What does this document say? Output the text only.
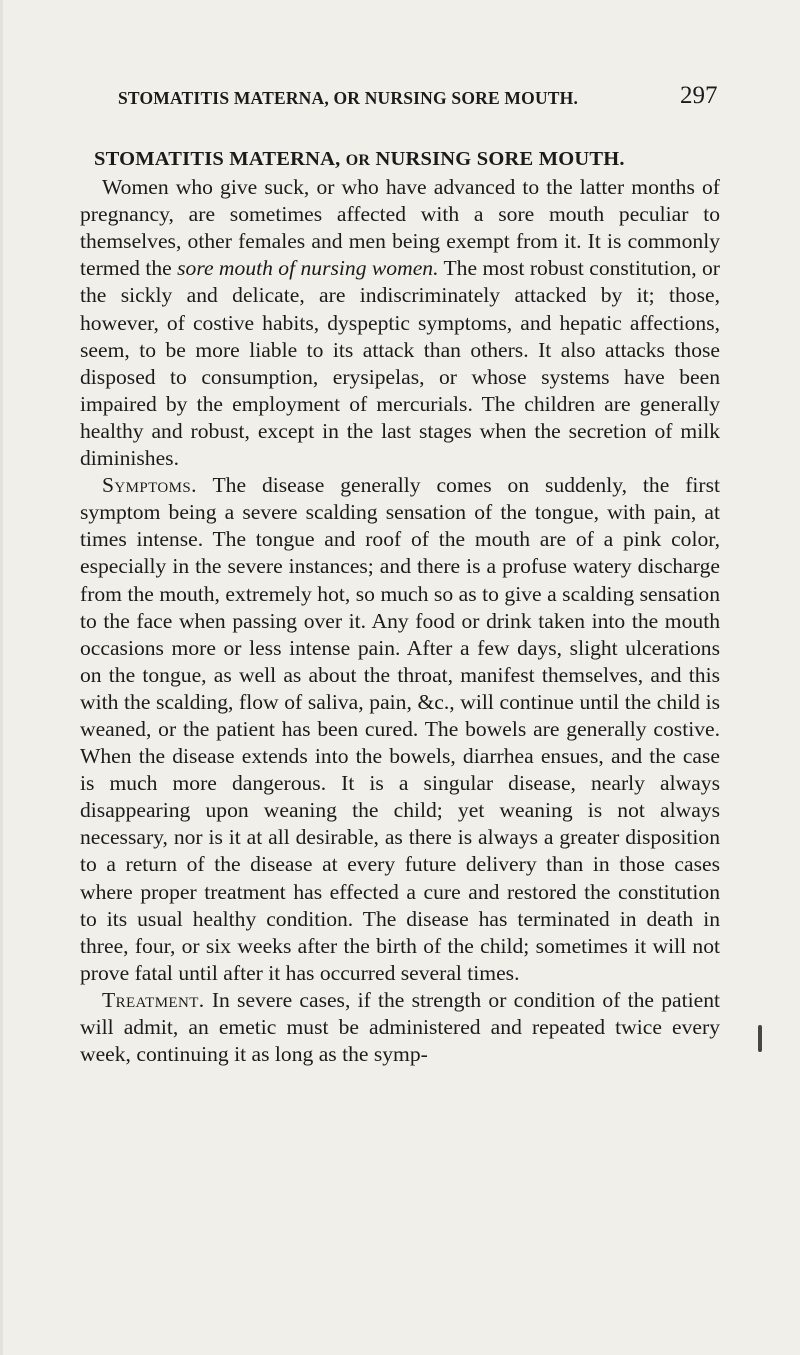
STOMATITIS MATERNA, OR NURSING SORE MOUTH.	297
STOMATITIS MATERNA, OR NURSING SORE MOUTH.

Women who give suck, or who have advanced to the latter months of pregnancy, are sometimes affected with a sore mouth peculiar to themselves, other females and men being exempt from it. It is commonly termed the sore mouth of nursing women. The most robust constitution, or the sickly and delicate, are indiscriminately attacked by it; those, however, of costive habits, dyspeptic symptoms, and hepatic affections, seem, to be more liable to its attack than others. It also attacks those disposed to consumption, erysipelas, or whose systems have been impaired by the employment of mercurials. The children are generally healthy and robust, except in the last stages when the secretion of milk diminishes.

Symptoms. The disease generally comes on suddenly, the first symptom being a severe scalding sensation of the tongue, with pain, at times intense. The tongue and roof of the mouth are of a pink color, especially in the severe instances; and there is a profuse watery discharge from the mouth, extremely hot, so much so as to give a scalding sensation to the face when passing over it. Any food or drink taken into the mouth occasions more or less intense pain. After a few days, slight ulcerations on the tongue, as well as about the throat, manifest themselves, and this with the scalding, flow of saliva, pain, &c., will continue until the child is weaned, or the patient has been cured. The bowels are generally costive. When the disease extends into the bowels, diarrhea ensues, and the case is much more dangerous. It is a singular disease, nearly always disappearing upon weaning the child; yet weaning is not always necessary, nor is it at all desirable, as there is always a greater disposition to a return of the disease at every future delivery than in those cases where proper treatment has effected a cure and restored the constitution to its usual healthy condition. The disease has terminated in death in three, four, or six weeks after the birth of the child; sometimes it will not prove fatal until after it has occurred several times.

Treatment. In severe cases, if the strength or condition of the patient will admit, an emetic must be administered and repeated twice every week, continuing it as long as the symp-
